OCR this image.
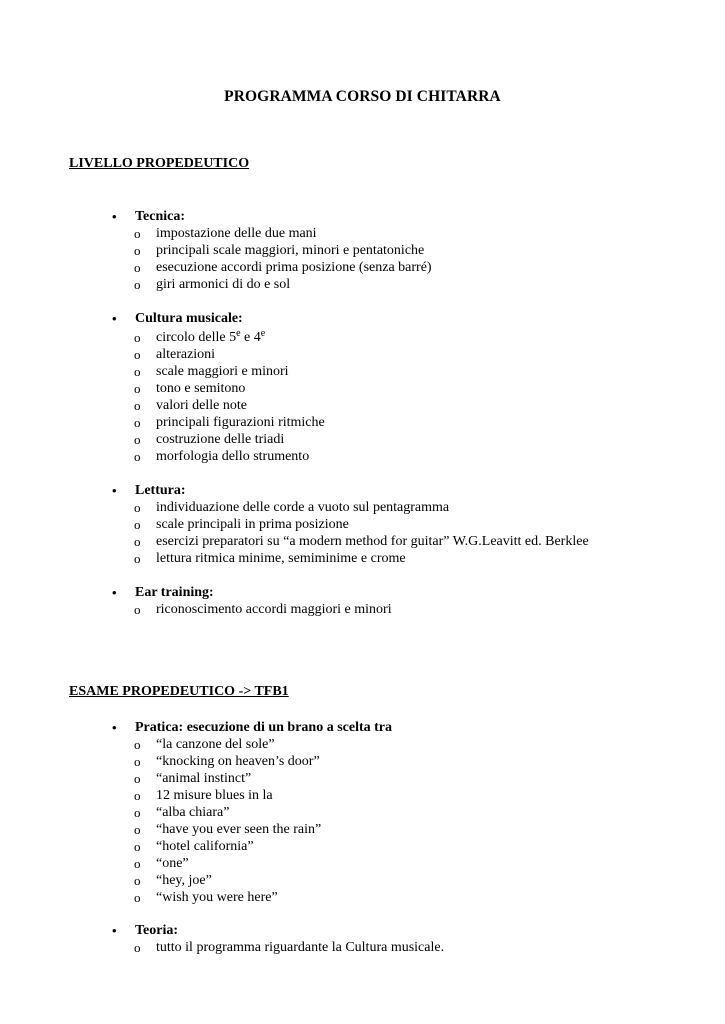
PROGRAMMA CORSO DI CHITARRA
LIVELLO PROPEDEUTICO
• Tecnica:
o impostazione delle due mani
o principali scale maggiori, minori e pentatoniche
o esecuzione accordi prima posizione (senza barré)
o giri armonici di do e sol
• Cultura musicale:
o circolo delle 5e e 4e
o alterazioni
o scale maggiori e minori
o tono e semitono
o valori delle note
o principali figurazioni ritmiche
o costruzione delle triadi
o morfologia dello strumento
• Lettura:
o individuazione delle corde a vuoto sul pentagramma
o scale principali in prima posizione
o esercizi preparatori su “a modern method for guitar” W.G.Leavitt ed. Berklee
o lettura ritmica minime, semiminime e crome
• Ear training:
o riconoscimento accordi maggiori e minori
ESAME PROPEDEUTICO -> TFB1
• Pratica: esecuzione di un brano a scelta tra
o “la canzone del sole”
o “knocking on heaven’s door”
o “animal instinct”
o 12 misure blues in la
o “alba chiara”
o “have you ever seen the rain”
o “hotel california”
o “one”
o “hey, joe”
o “wish you were here”
• Teoria:
o tutto il programma riguardante la Cultura musicale.
